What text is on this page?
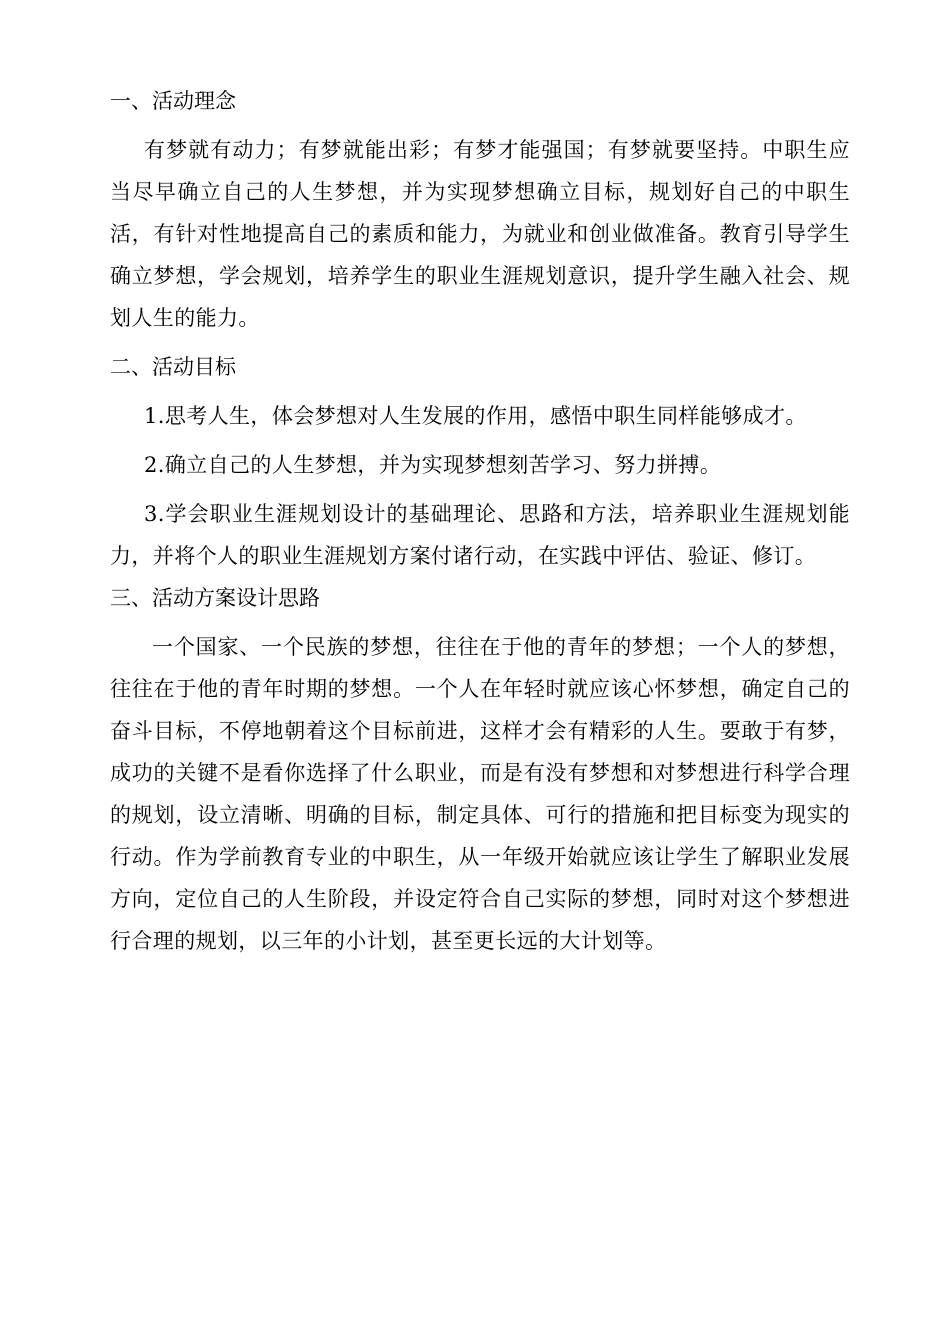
一、活动理念

有梦就有动力；有梦就能出彩；有梦才能强国；有梦就要坚持。中职生应当尽早确立自己的人生梦想，并为实现梦想确立目标，规划好自己的中职生活，有针对性地提高自己的素质和能力，为就业和创业做准备。教育引导学生确立梦想，学会规划，培养学生的职业生涯规划意识，提升学生融入社会、规划人生的能力。

二、活动目标

1.思考人生，体会梦想对人生发展的作用，感悟中职生同样能够成才。

2.确立自己的人生梦想，并为实现梦想刻苦学习、努力拼搏。

3.学会职业生涯规划设计的基础理论、思路和方法，培养职业生涯规划能力，并将个人的职业生涯规划方案付诸行动，在实践中评估、验证、修订。

三、活动方案设计思路

一个国家、一个民族的梦想，往往在于他的青年的梦想；一个人的梦想，往往在于他的青年时期的梦想。一个人在年轻时就应该心怀梦想，确定自己的奋斗目标，不停地朝着这个目标前进，这样才会有精彩的人生。要敢于有梦，成功的关键不是看你选择了什么职业，而是有没有梦想和对梦想进行科学合理的规划，设立清晰、明确的目标，制定具体、可行的措施和把目标变为现实的行动。作为学前教育专业的中职生，从一年级开始就应该让学生了解职业发展方向，定位自己的人生阶段，并设定符合自己实际的梦想，同时对这个梦想进行合理的规划，以三年的小计划，甚至更长远的大计划等。
